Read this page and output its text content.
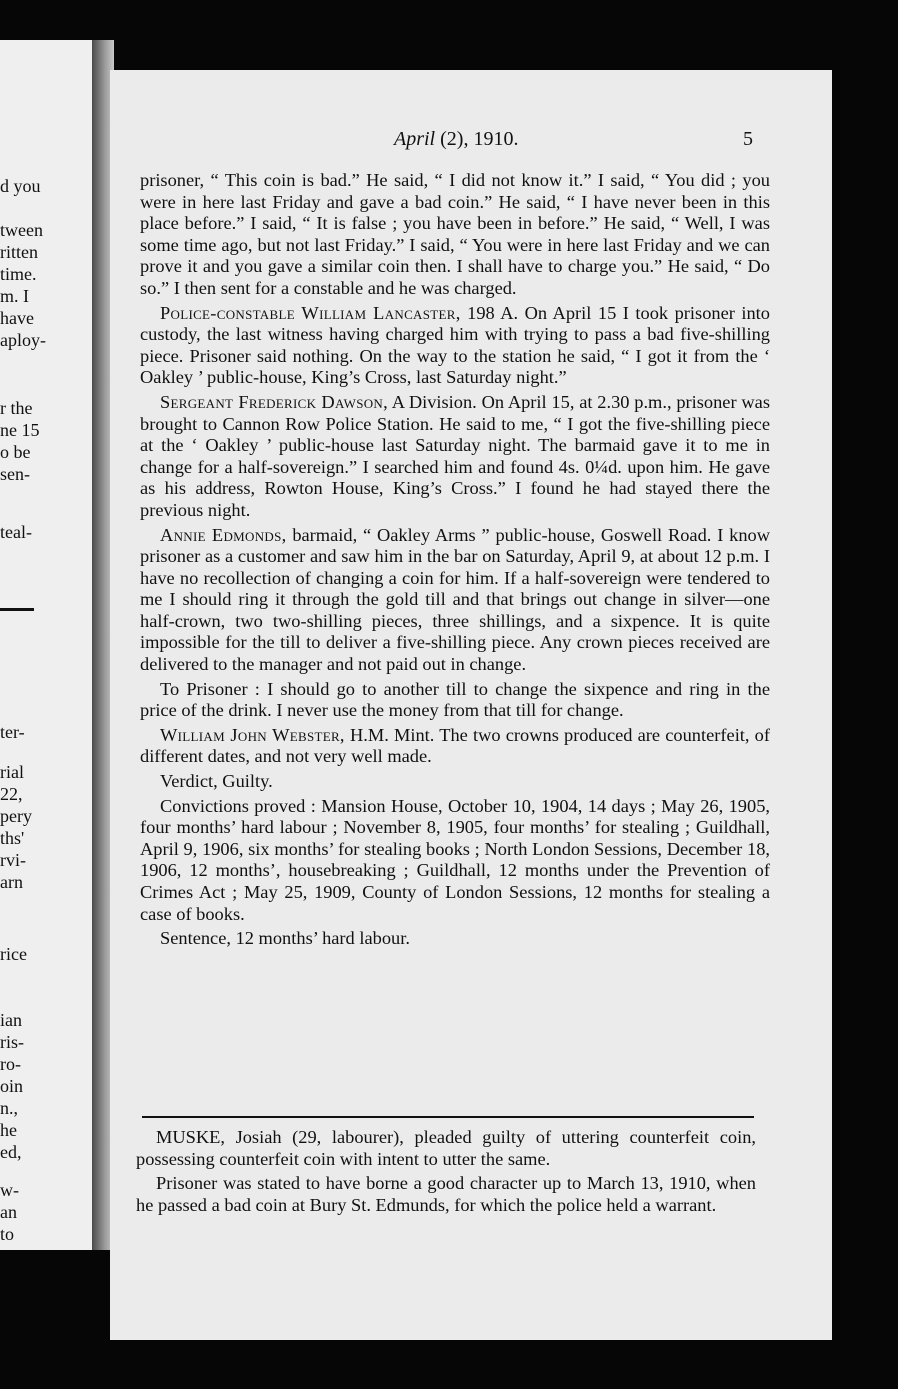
d you
tween
ritten
time.
m. I
have
aploy-
r the
ne 15
o be
sen-
teal-
ter-
rial
22,
pery
ths'
rvi-
arn
rice
ian
ris-
ro-
oin
n.,
he
ed,
w-
an
to
April (2), 1910.	5

prisoner, “ This coin is bad.” He said, “ I did not know it.” I said, “ You did ; you were in here last Friday and gave a bad coin.” He said, “ I have never been in this place before.” I said, “ It is false ; you have been in before.” He said, “ Well, I was some time ago, but not last Friday.” I said, “ You were in here last Friday and we can prove it and you gave a similar coin then. I shall have to charge you.” He said, “ Do so.” I then sent for a constable and he was charged.

Police-constable William Lancaster, 198 A. On April 15 I took prisoner into custody, the last witness having charged him with trying to pass a bad five-shilling piece. Prisoner said nothing. On the way to the station he said, “ I got it from the ‘ Oakley ’ public-house, King’s Cross, last Saturday night.”

Sergeant Frederick Dawson, A Division. On April 15, at 2.30 p.m., prisoner was brought to Cannon Row Police Station. He said to me, “ I got the five-shilling piece at the ‘ Oakley ’ public-house last Saturday night. The barmaid gave it to me in change for a half-sovereign.” I searched him and found 4s. 0¼d. upon him. He gave as his address, Rowton House, King’s Cross.” I found he had stayed there the previous night.

Annie Edmonds, barmaid, “ Oakley Arms ” public-house, Goswell Road. I know prisoner as a customer and saw him in the bar on Saturday, April 9, at about 12 p.m. I have no recollection of changing a coin for him. If a half-sovereign were tendered to me I should ring it through the gold till and that brings out change in silver—one half-crown, two two-shilling pieces, three shillings, and a sixpence. It is quite impossible for the till to deliver a five-shilling piece. Any crown pieces received are delivered to the manager and not paid out in change.

To Prisoner : I should go to another till to change the sixpence and ring in the price of the drink. I never use the money from that till for change.

William John Webster, H.M. Mint. The two crowns produced are counterfeit, of different dates, and not very well made.

Verdict, Guilty.

Convictions proved : Mansion House, October 10, 1904, 14 days ; May 26, 1905, four months’ hard labour ; November 8, 1905, four months’ for stealing ; Guildhall, April 9, 1906, six months’ for stealing books ; North London Sessions, December 18, 1906, 12 months’, housebreaking ; Guildhall, 12 months under the Prevention of Crimes Act ; May 25, 1909, County of London Sessions, 12 months for stealing a case of books.

Sentence, 12 months’ hard labour.

MUSKE, Josiah (29, labourer), pleaded guilty of uttering counterfeit coin, possessing counterfeit coin with intent to utter the same.

Prisoner was stated to have borne a good character up to March 13, 1910, when he passed a bad coin at Bury St. Edmunds, for which the police held a warrant.
